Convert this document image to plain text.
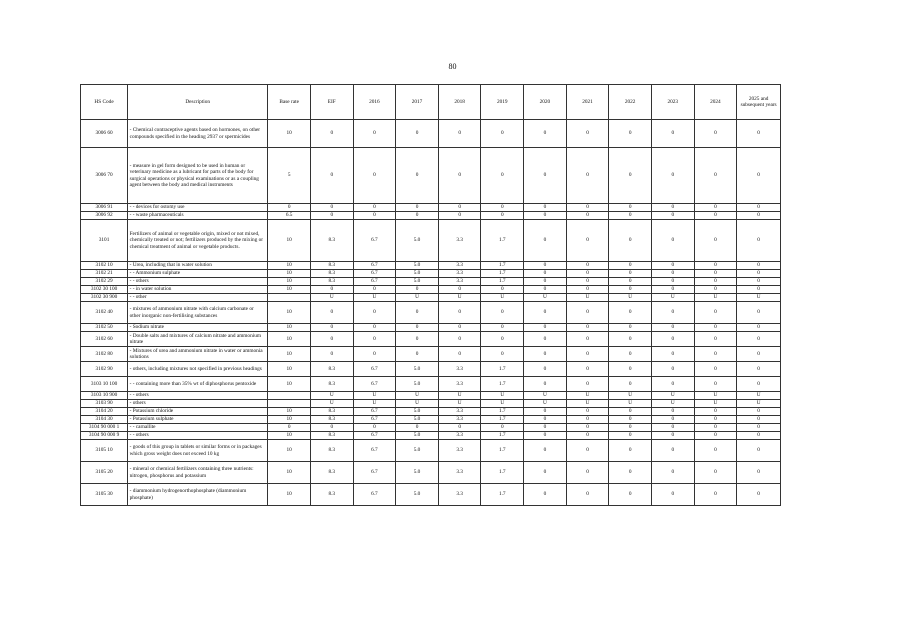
80
HS Code	Description	Base rate	EIF	2016	2017	2018	2019	2020	2021	2022	2023	2024	2025 and subsequent years
3006 60	- Chemical contraceptive agents based on hormones, on other compounds specified in the heading 2937 or spermicides	10	0	0	0	0	0	0	0	0	0	0	0
3006 70	- measure in gel form designed to be used in human or veterinary medicine as a lubricant for parts of the body for surgical operations or physical examinations or as a coupling agent between the body and medical instruments	5	0	0	0	0	0	0	0	0	0	0	0
3006 91	- - devices for ostomy use	0	0	0	0	0	0	0	0	0	0	0	0
3006 92	- - waste pharmaceuticals	6.5	0	0	0	0	0	0	0	0	0	0	0
3101	Fertilizers of animal or vegetable origin, mixed or not mixed, chemically treated or not; fertilizers produced by the mixing or chemical treatment of animal or vegetable products.	10	8.3	6.7	5.0	3.3	1.7	0	0	0	0	0	0
3102 10	- Urea, including that in water solution	10	8.3	6.7	5.0	3.3	1.7	0	0	0	0	0	0
3102 21	- - Ammonium sulphate	10	8.3	6.7	5.0	3.3	1.7	0	0	0	0	0	0
3102 29	- - others	10	8.3	6.7	5.0	3.3	1.7	0	0	0	0	0	0
3102 30 100	- - in water solution	10	0	0	0	0	0	0	0	0	0	0	0
3102 30 900	- - other		U	U	U	U	U	U	U	U	U	U	U
3102 40	- mixtures of ammonium nitrate with calcium carbonate or other inorganic non-fertilising substances	10	0	0	0	0	0	0	0	0	0	0	0
3102 50	- Sodium nitrate	10	0	0	0	0	0	0	0	0	0	0	0
3102 60	- Double salts and mixtures of calcium nitrate and ammonium nitrate	10	0	0	0	0	0	0	0	0	0	0	0
3102 80	- Mixtures of urea and ammonium nitrate in water or ammonia solutions	10	0	0	0	0	0	0	0	0	0	0	0
3102 90	- others, including mixtures not specified in previous headings	10	8.3	6.7	5.0	3.3	1.7	0	0	0	0	0	0
3103 10 100	- - containing more than 35% wt of diphosphorus pentoxide	10	8.3	6.7	5.0	3.3	1.7	0	0	0	0	0	0
3103 10 900	- - others		U	U	U	U	U	U	U	U	U	U	U
3103 90	- others		U	U	U	U	U	U	U	U	U	U	U
3104 20	- Potassium chloride	10	8.3	6.7	5.0	3.3	1.7	0	0	0	0	0	0
3104 30	- Potassium sulphate	10	8.3	6.7	5.0	3.3	1.7	0	0	0	0	0	0
3104 90 000 1	- - carnallite	0	0	0	0	0	0	0	0	0	0	0	0
3104 90 000 9	- - others	10	8.3	6.7	5.0	3.3	1.7	0	0	0	0	0	0
3105 10	- goods of this group in tablets or similar forms or in packages which gross weight does not exceed 10 kg	10	8.3	6.7	5.0	3.3	1.7	0	0	0	0	0	0
3105 20	- mineral or chemical fertilizers containing three nutrients: nitrogen, phosphorus and potassium	10	8.3	6.7	5.0	3.3	1.7	0	0	0	0	0	0
3105 30	- diammonium hydrogenorthophosphate (diammonium phosphate)	10	8.3	6.7	5.0	3.3	1.7	0	0	0	0	0	0
